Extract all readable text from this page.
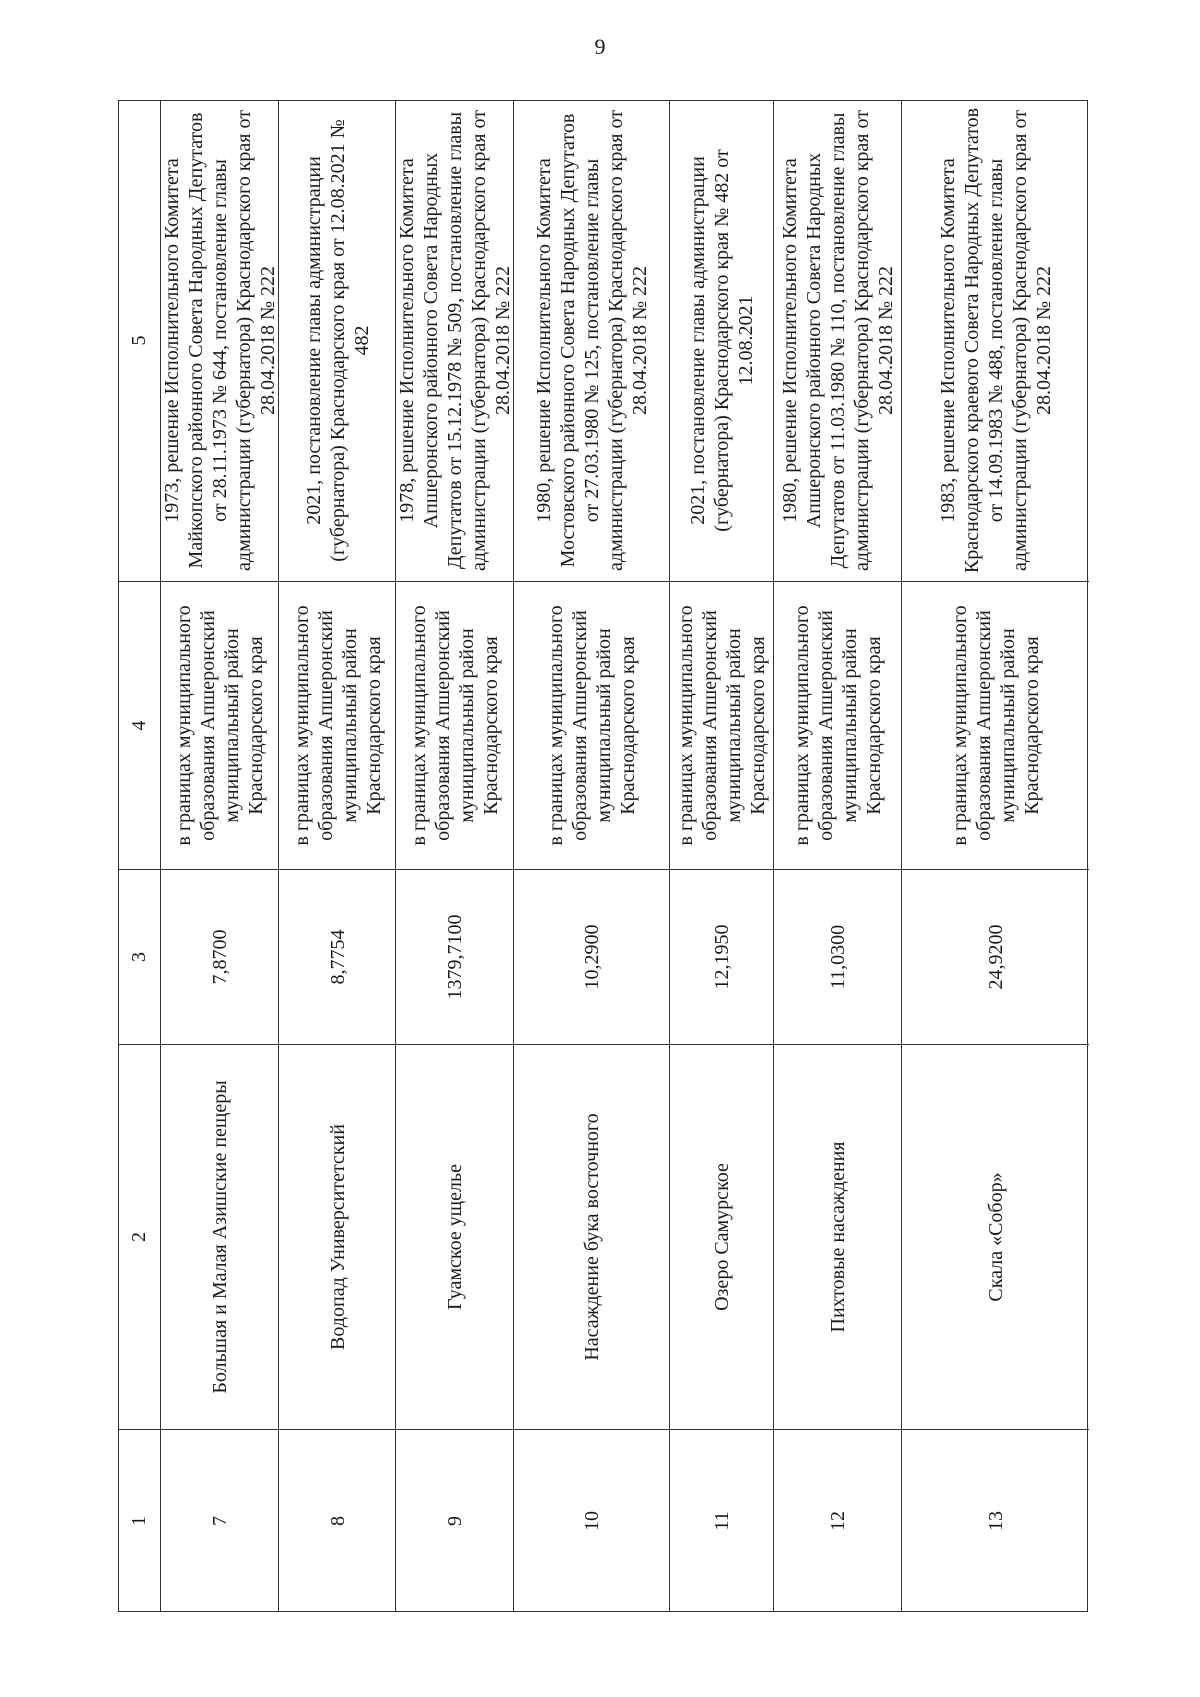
9
1
2
3
4
5
7
Большая и Малая Азишские пещеры
7,8700
в границах муниципального образования Апшеронский муниципальный район Краснодарского края
1973, решение Исполнительного Комитета Майкопского районного Совета Народных Депутатов от 28.11.1973 № 644, постановление главы администрации (губернатора) Краснодарского края от 28.04.2018 № 222
8
Водопад Университетский
8,7754
в границах муниципального образования Апшеронский муниципальный район Краснодарского края
2021, постановление главы администрации (губернатора) Краснодарского края от 12.08.2021 № 482
9
Гуамское ущелье
1379,7100
в границах муниципального образования Апшеронский муниципальный район Краснодарского края
1978, решение Исполнительного Комитета Апшеронского районного Совета Народных Депутатов от 15.12.1978 № 509, постановление главы администрации (губернатора) Краснодарского края от 28.04.2018 № 222
10
Насаждение бука восточного
10,2900
в границах муниципального образования Апшеронский муниципальный район Краснодарского края
1980, решение Исполнительного Комитета Мостовского районного Совета Народных Депутатов от 27.03.1980 № 125, постановление главы администрации (губернатора) Краснодарского края от 28.04.2018 № 222
11
Озеро Самурское
12,1950
в границах муниципального образования Апшеронский муниципальный район Краснодарского края
2021, постановление главы администрации (губернатора) Краснодарского края № 482 от 12.08.2021
12
Пихтовые насаждения
11,0300
в границах муниципального образования Апшеронский муниципальный район Краснодарского края
1980, решение Исполнительного Комитета Апшеронского районного Совета Народных Депутатов от 11.03.1980 № 110, постановление главы администрации (губернатора) Краснодарского края от 28.04.2018 № 222
13
Скала «Собор»
24,9200
в границах муниципального образования Апшеронский муниципальный район Краснодарского края
1983, решение Исполнительного Комитета Краснодарского краевого Совета Народных Депутатов от 14.09.1983 № 488, постановление главы администрации (губернатора) Краснодарского края от 28.04.2018 № 222
